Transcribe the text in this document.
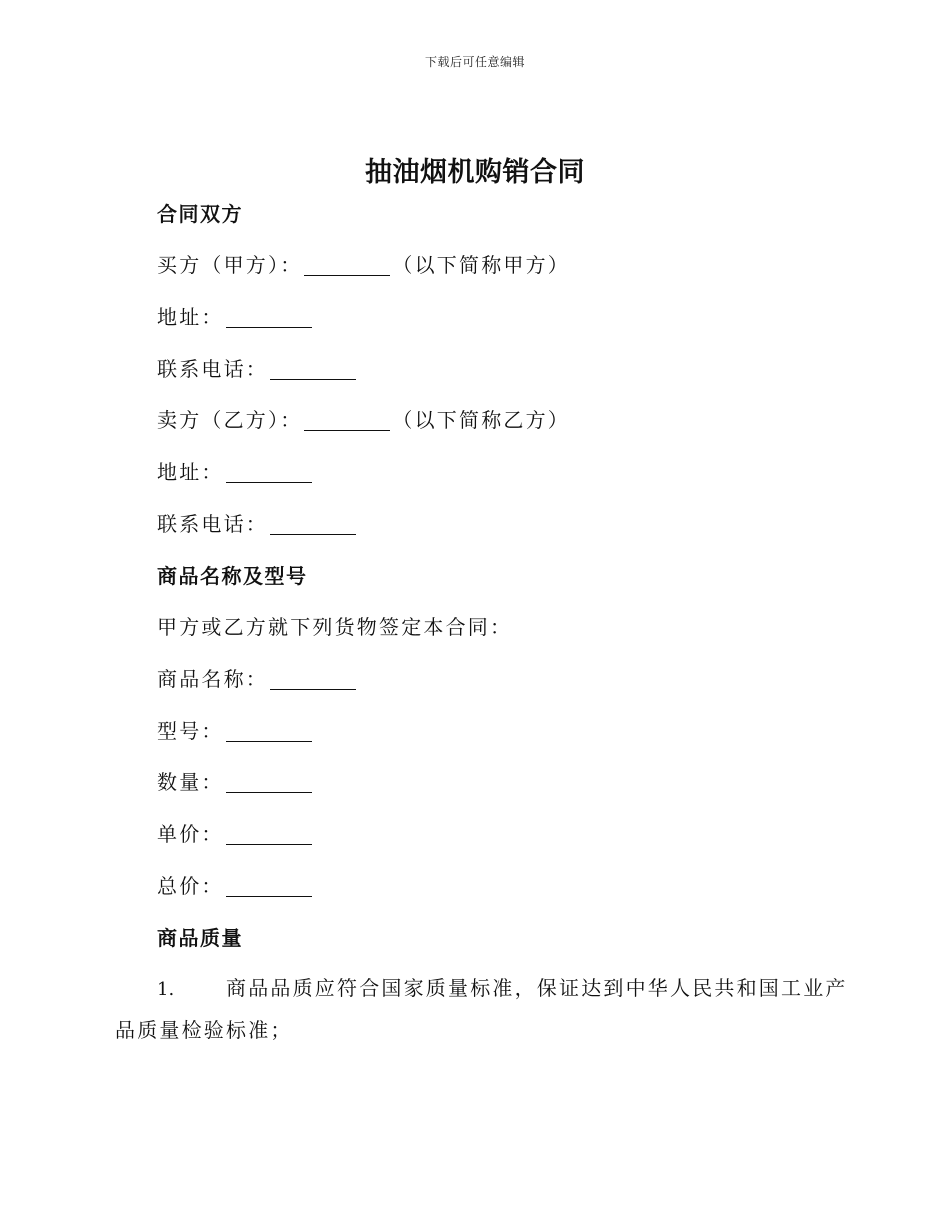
下载后可任意编辑
抽油烟机购销合同
合同双方
买方（甲方）：	（以下简称甲方）
地址：
联系电话：
卖方（乙方）：	（以下简称乙方）
地址：
联系电话：
商品名称及型号
甲方或乙方就下列货物签定本合同：
商品名称：
型号：
数量：
单价：
总价：
商品质量
1.	商品品质应符合国家质量标准，保证达到中华人民共和国工业产
品质量检验标准；
